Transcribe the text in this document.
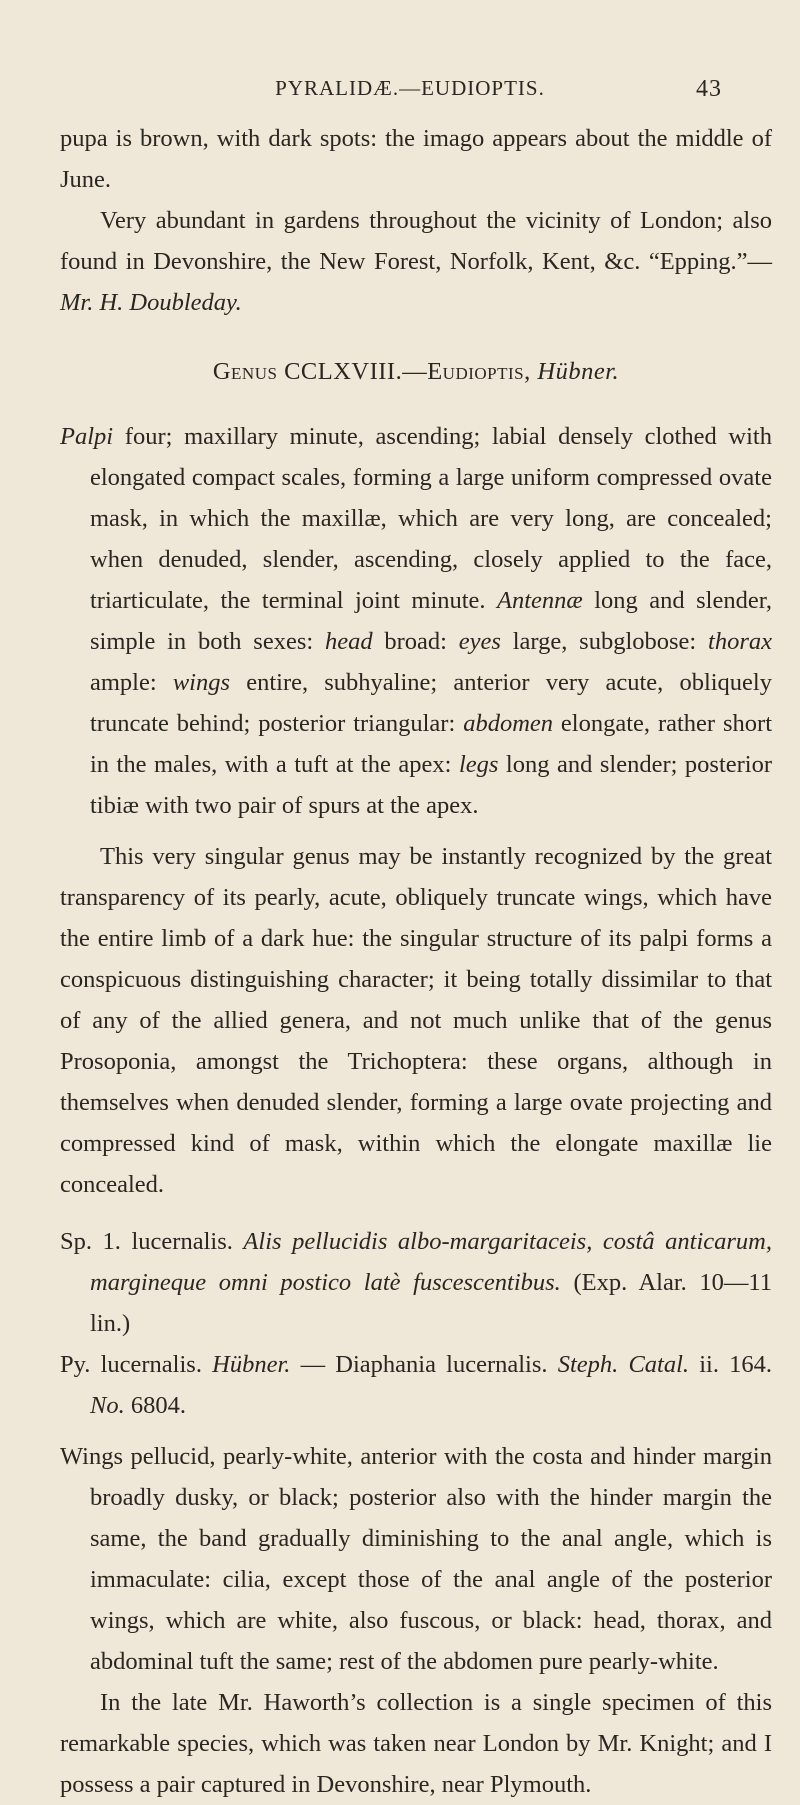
PYRALIDÆ.—EUDIOPTIS.	43

pupa is brown, with dark spots: the imago appears about the middle of June.

Very abundant in gardens throughout the vicinity of London; also found in Devonshire, the New Forest, Norfolk, Kent, &c. “Epping.”—Mr. H. Doubleday.

Genus CCLXVIII.—Eudioptis, Hübner.

Palpi four; maxillary minute, ascending; labial densely clothed with elongated compact scales, forming a large uniform compressed ovate mask, in which the maxillæ, which are very long, are concealed; when denuded, slender, ascending, closely applied to the face, triarticulate, the terminal joint minute. Antennæ long and slender, simple in both sexes: head broad: eyes large, subglobose: thorax ample: wings entire, subhyaline; anterior very acute, obliquely truncate behind; posterior triangular: abdomen elongate, rather short in the males, with a tuft at the apex: legs long and slender; posterior tibiæ with two pair of spurs at the apex.

This very singular genus may be instantly recognized by the great transparency of its pearly, acute, obliquely truncate wings, which have the entire limb of a dark hue: the singular structure of its palpi forms a conspicuous distinguishing character; it being totally dissimilar to that of any of the allied genera, and not much unlike that of the genus Prosoponia, amongst the Trichoptera: these organs, although in themselves when denuded slender, forming a large ovate projecting and compressed kind of mask, within which the elongate maxillæ lie concealed.

Sp. 1. lucernalis. Alis pellucidis albo-margaritaceis, costâ anticarum, margineque omni postico latè fuscescentibus. (Exp. Alar. 10—11 lin.)

Py. lucernalis. Hübner. — Diaphania lucernalis. Steph. Catal. ii. 164. No. 6804.

Wings pellucid, pearly-white, anterior with the costa and hinder margin broadly dusky, or black; posterior also with the hinder margin the same, the band gradually diminishing to the anal angle, which is immaculate: cilia, except those of the anal angle of the posterior wings, which are white, also fuscous, or black: head, thorax, and abdominal tuft the same; rest of the abdomen pure pearly-white.

In the late Mr. Haworth’s collection is a single specimen of this remarkable species, which was taken near London by Mr. Knight; and I possess a pair captured in Devonshire, near Plymouth.
